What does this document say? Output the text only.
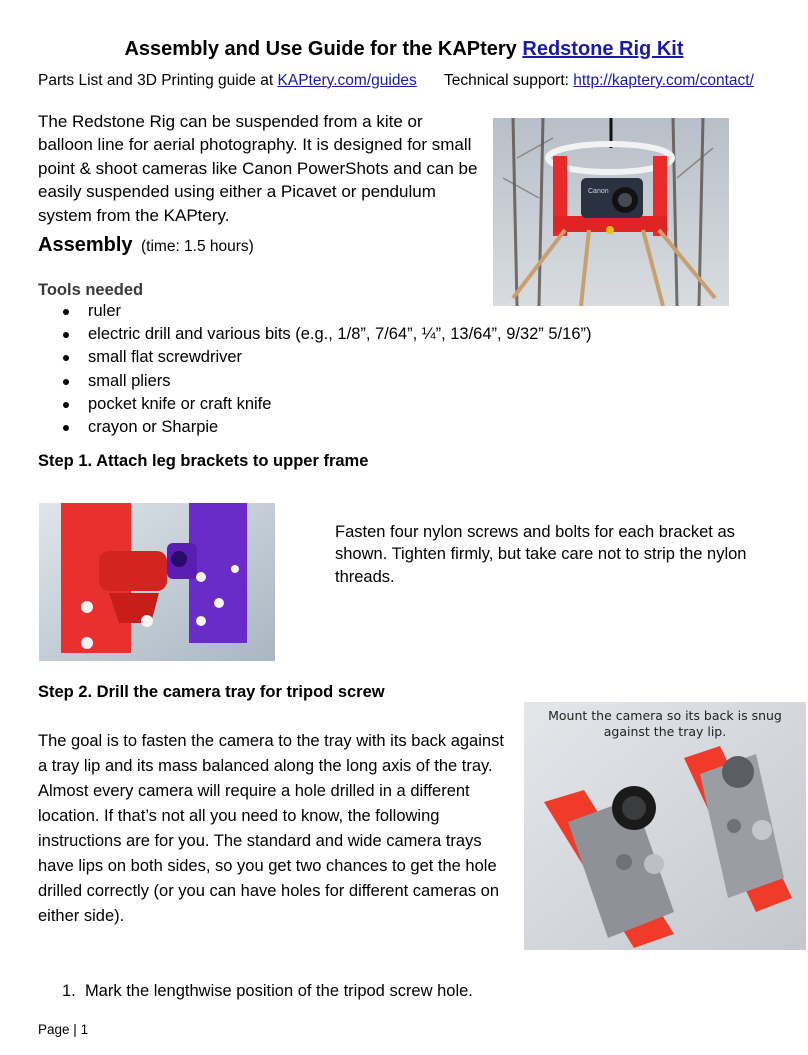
Assembly and Use Guide for the KAPtery Redstone Rig Kit
Parts List and 3D Printing guide at KAPtery.com/guides Technical support: http://kaptery.com/contact/
The Redstone Rig can be suspended from a kite or balloon line for aerial photography. It is designed for small point & shoot cameras like Canon PowerShots and can be easily suspended using either a Picavet or pendulum system from the KAPtery.
Canon
Assembly (time: 1.5 hours)
Tools needed
ruler
electric drill and various bits (e.g., 1/8”, 7/64”, ¼”, 13/64”, 9/32” 5/16”)
small flat screwdriver
small pliers
pocket knife or craft knife
crayon or Sharpie
Step 1. Attach leg brackets to upper frame
Fasten four nylon screws and bolts for each bracket as shown. Tighten firmly, but take care not to strip the nylon threads.
Step 2. Drill the camera tray for tripod screw
The goal is to fasten the camera to the tray with its back against a tray lip and its mass balanced along the long axis of the tray. Almost every camera will require a hole drilled in a different location. If that’s not all you need to know, the following instructions are for you. The standard and wide camera trays have lips on both sides, so you get two chances to get the hole drilled correctly (or you can have holes for different cameras on either side).
Mount the camera so its back is snug against the tray lip.
1. Mark the lengthwise position of the tripod screw hole.
Page | 1
